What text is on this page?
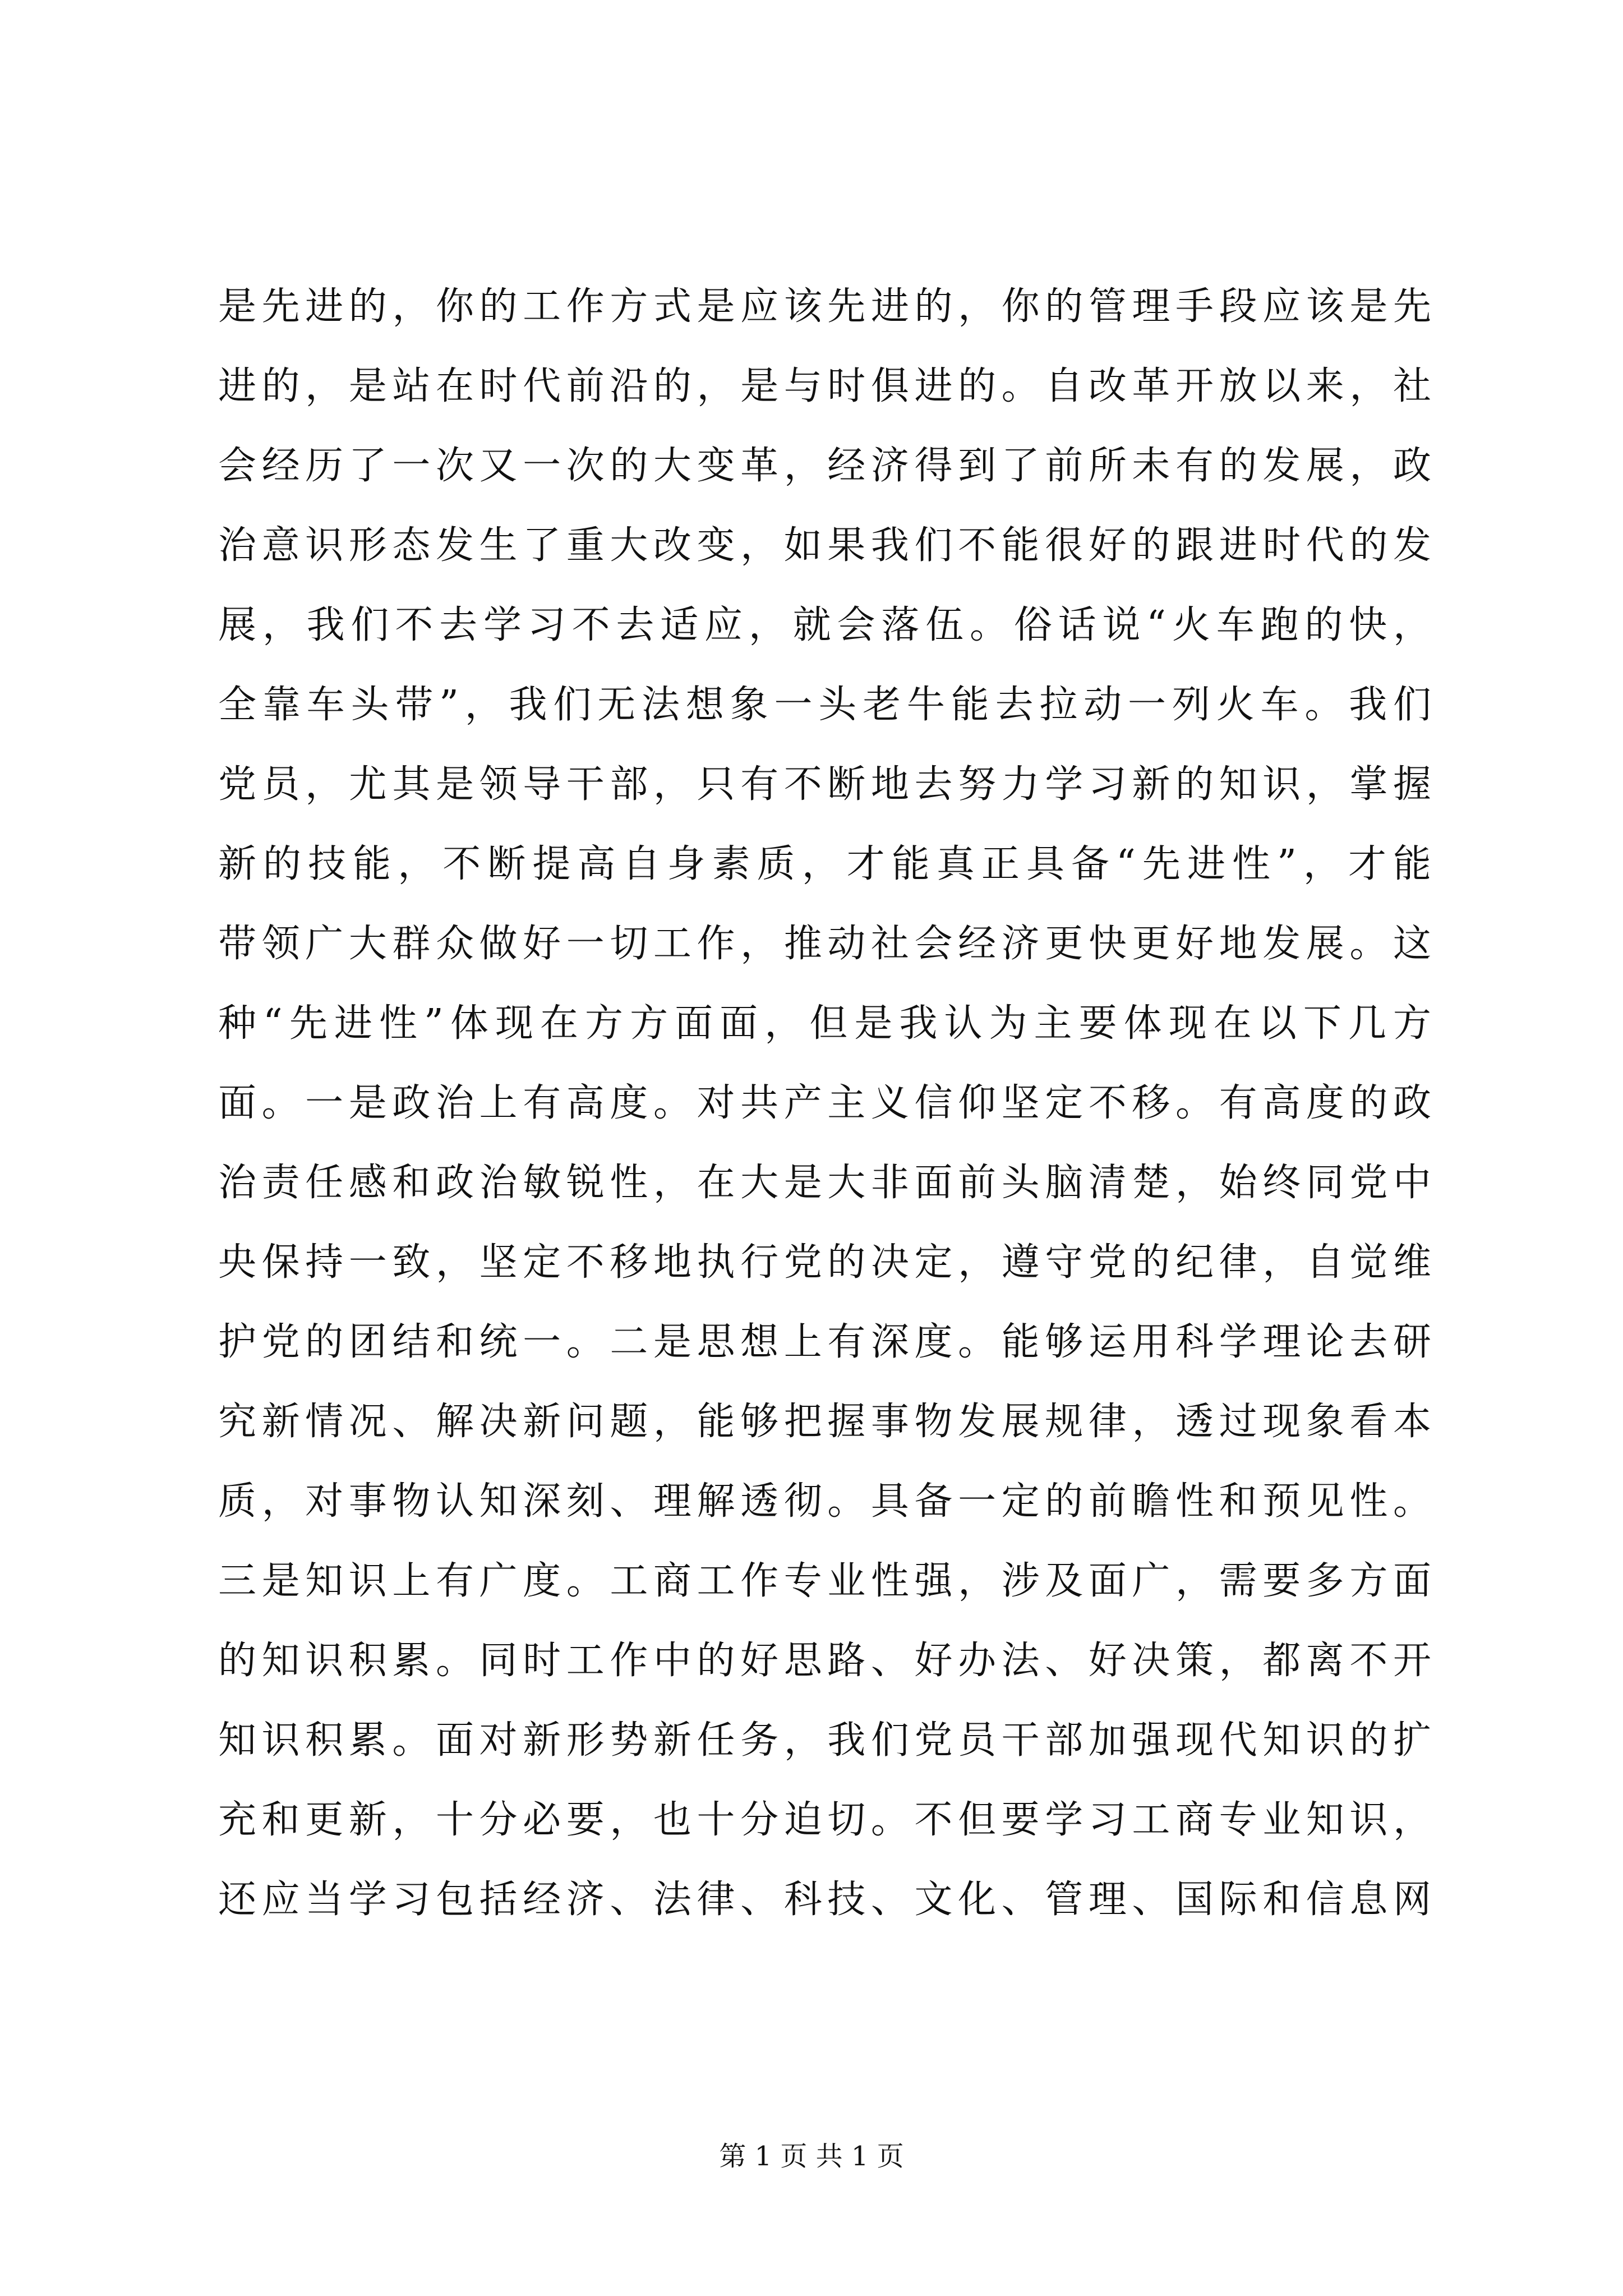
是先进的，你的工作方式是应该先进的，你的管理手段应该是先
进的，是站在时代前沿的，是与时俱进的。自改革开放以来，社
会经历了一次又一次的大变革，经济得到了前所未有的发展，政
治意识形态发生了重大改变，如果我们不能很好的跟进时代的发
展，我们不去学习不去适应，就会落伍。俗话说“火车跑的快，
全靠车头带”，我们无法想象一头老牛能去拉动一列火车。我们
党员，尤其是领导干部，只有不断地去努力学习新的知识，掌握
新的技能，不断提高自身素质，才能真正具备“先进性”，才能
带领广大群众做好一切工作，推动社会经济更快更好地发展。这
种“先进性”体现在方方面面，但是我认为主要体现在以下几方
面。一是政治上有高度。对共产主义信仰坚定不移。有高度的政
治责任感和政治敏锐性，在大是大非面前头脑清楚，始终同党中
央保持一致，坚定不移地执行党的决定，遵守党的纪律，自觉维
护党的团结和统一。二是思想上有深度。能够运用科学理论去研
究新情况、解决新问题，能够把握事物发展规律，透过现象看本
质，对事物认知深刻、理解透彻。具备一定的前瞻性和预见性。
三是知识上有广度。工商工作专业性强，涉及面广，需要多方面
的知识积累。同时工作中的好思路、好办法、好决策，都离不开
知识积累。面对新形势新任务，我们党员干部加强现代知识的扩
充和更新，十分必要，也十分迫切。不但要学习工商专业知识，
还应当学习包括经济、法律、科技、文化、管理、国际和信息网
第 1 页 共 1 页
